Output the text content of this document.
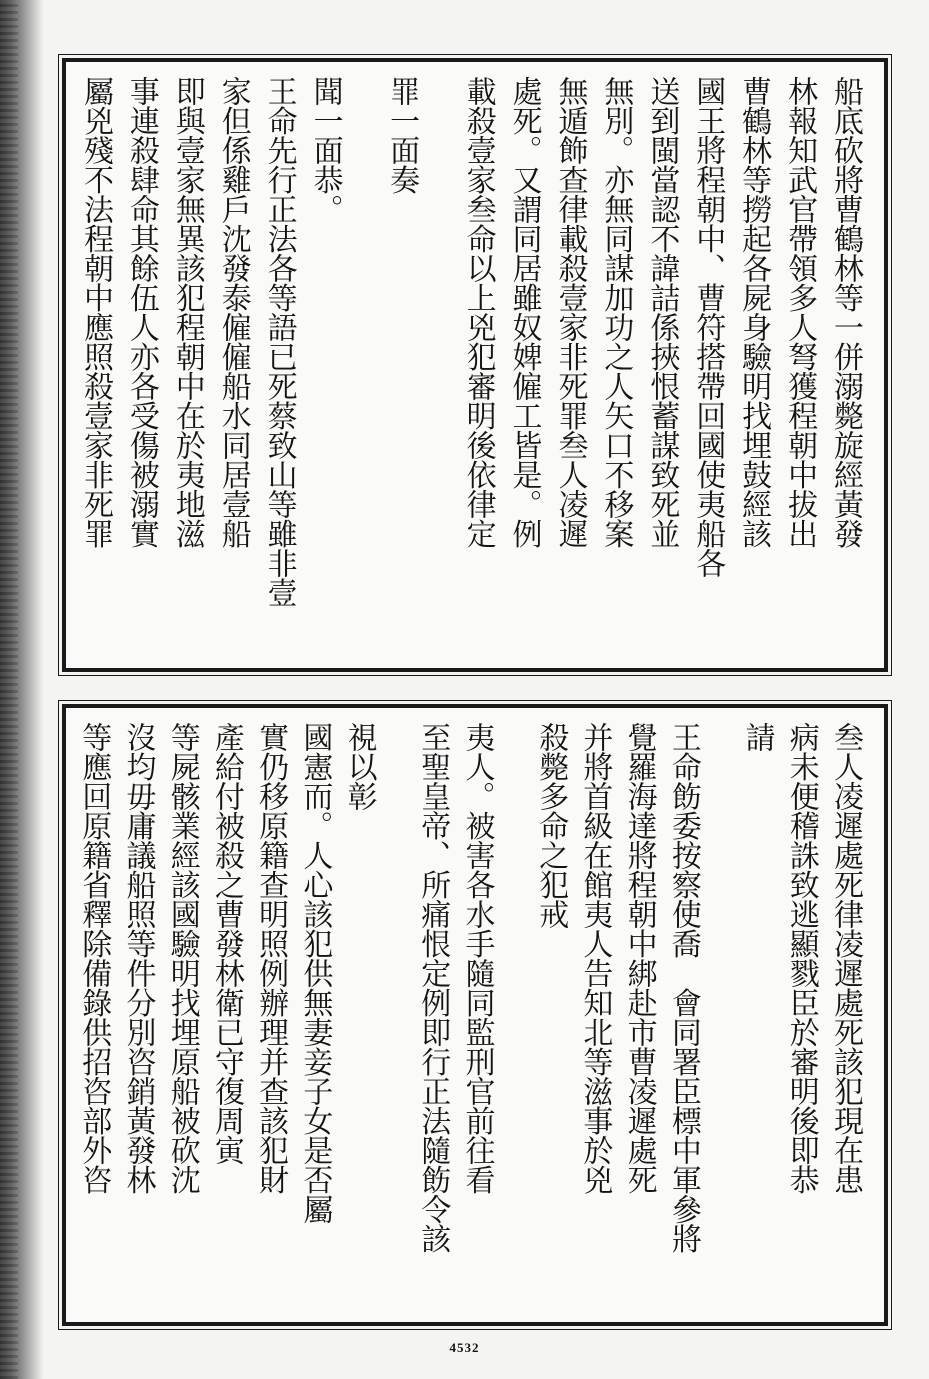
船底砍將曹鶴林等一併溺斃旋經黃發
林報知武官帶領多人弩獲程朝中拔出
曹鶴林等撈起各屍身驗明找埋鼓經該
國王將程朝中、曹符搭帶回國使夷船各
送到閩當認不諱詰係挾恨蓄謀致死並
無別。亦無同謀加功之人矢口不移案
無遁飾查律載殺壹家非死罪叁人凌遲
處死。又謂同居雖奴婢僱工皆是。例
載殺壹家叁命以上兇犯審明後依律定
罪一面奏
聞一面恭。
王命先行正法各等語已死蔡致山等雖非壹
家但係雞戶沈發泰僱僱船水同居壹船
即與壹家無異該犯程朝中在於夷地滋
事連殺肆命其餘伍人亦各受傷被溺實
屬兇殘不法程朝中應照殺壹家非死罪
叁人凌遲處死律凌遲處死該犯現在患
病未便稽誅致逃顯戮臣於審明後即恭
請
王命飭委按察使喬　會同署臣標中軍參將
覺羅海達將程朝中綁赴市曹凌遲處死
并將首級在館夷人告知北等滋事於兇
殺斃多命之犯戒
夷人。被害各水手隨同監刑官前往看
至聖皇帝、所痛恨定例即行正法隨飭令該
視以彰
國憲而。人心該犯供無妻妾子女是否屬
實仍移原籍查明照例辦理并查該犯財
產給付被殺之曹發林衛已守復周寅
等屍骸業經該國驗明找埋原船被砍沈
沒均毋庸議船照等件分別咨銷黃發林
等應回原籍省釋除備錄供招咨部外咨
4532
